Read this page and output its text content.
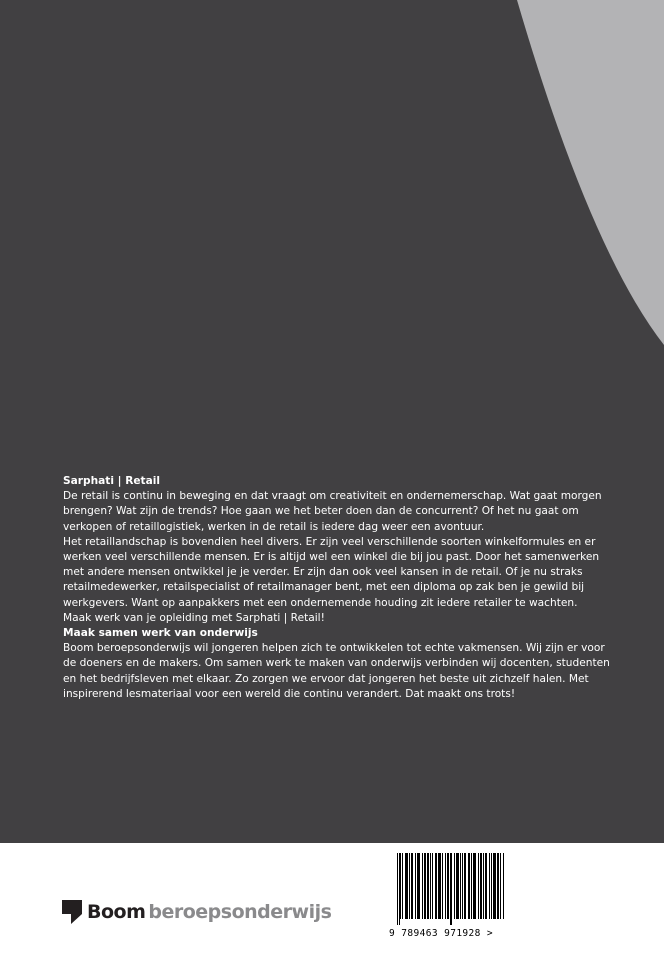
Sarphati | Retail

De retail is continu in beweging en dat vraagt om creativiteit en ondernemerschap. Wat gaat morgen brengen? Wat zijn de trends? Hoe gaan we het beter doen dan de concurrent? Of het nu gaat om verkopen of retaillogistiek, werken in de retail is iedere dag weer een avontuur.

Het retaillandschap is bovendien heel divers. Er zijn veel verschillende soorten winkelformules en er werken veel verschillende mensen. Er is altijd wel een winkel die bij jou past. Door het samenwerken met andere mensen ontwikkel je je verder. Er zijn dan ook veel kansen in de retail. Of je nu straks retailmedewerker, retailspecialist of retailmanager bent, met een diploma op zak ben je gewild bij werkgevers. Want op aanpakkers met een ondernemende houding zit iedere retailer te wachten.

Maak werk van je opleiding met Sarphati | Retail!

Maak samen werk van onderwijs

Boom beroepsonderwijs wil jongeren helpen zich te ontwikkelen tot echte vakmensen. Wij zijn er voor de doeners en de makers. Om samen werk te maken van onderwijs verbinden wij docenten, studenten en het bedrijfsleven met elkaar. Zo zorgen we ervoor dat jongeren het beste uit zichzelf halen. Met inspirerend lesmateriaal voor een wereld die continu verandert. Dat maakt ons trots!

Boom beroepsonderwijs
9 789463 971928 >
